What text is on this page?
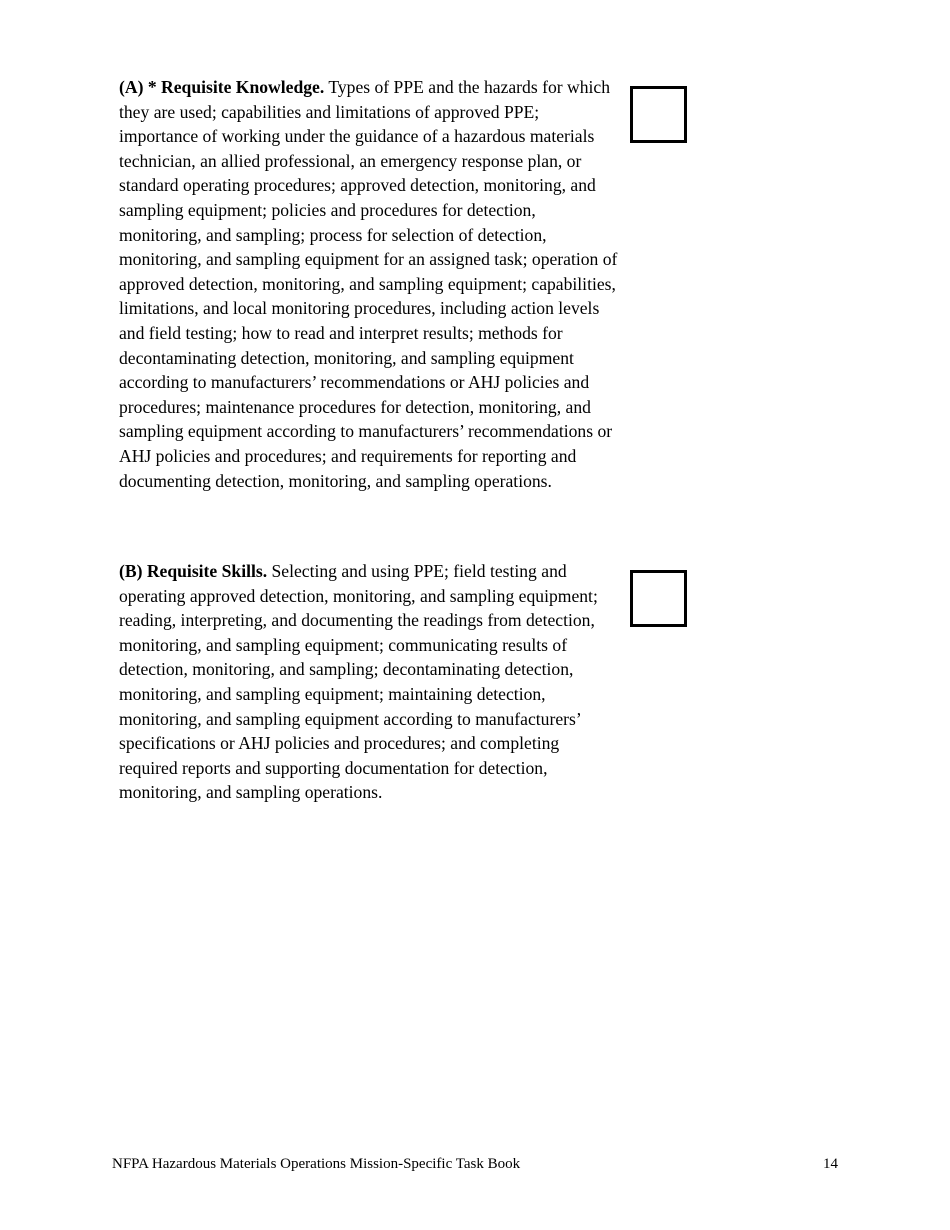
(A) * Requisite Knowledge. Types of PPE and the hazards for which they are used; capabilities and limitations of approved PPE; importance of working under the guidance of a hazardous materials technician, an allied professional, an emergency response plan, or standard operating procedures; approved detection, monitoring, and sampling equipment; policies and procedures for detection, monitoring, and sampling; process for selection of detection, monitoring, and sampling equipment for an assigned task; operation of approved detection, monitoring, and sampling equipment; capabilities, limitations, and local monitoring procedures, including action levels and field testing; how to read and interpret results; methods for decontaminating detection, monitoring, and sampling equipment according to manufacturers’ recommendations or AHJ policies and procedures; maintenance procedures for detection, monitoring, and sampling equipment according to manufacturers’ recommendations or AHJ policies and procedures; and requirements for reporting and documenting detection, monitoring, and sampling operations.

(B) Requisite Skills. Selecting and using PPE; field testing and operating approved detection, monitoring, and sampling equipment; reading, interpreting, and documenting the readings from detection, monitoring, and sampling equipment; communicating results of detection, monitoring, and sampling; decontaminating detection, monitoring, and sampling equipment; maintaining detection, monitoring, and sampling equipment according to manufacturers’ specifications or AHJ policies and procedures; and completing required reports and supporting documentation for detection, monitoring, and sampling operations.

NFPA Hazardous Materials Operations Mission-Specific Task Book	14
